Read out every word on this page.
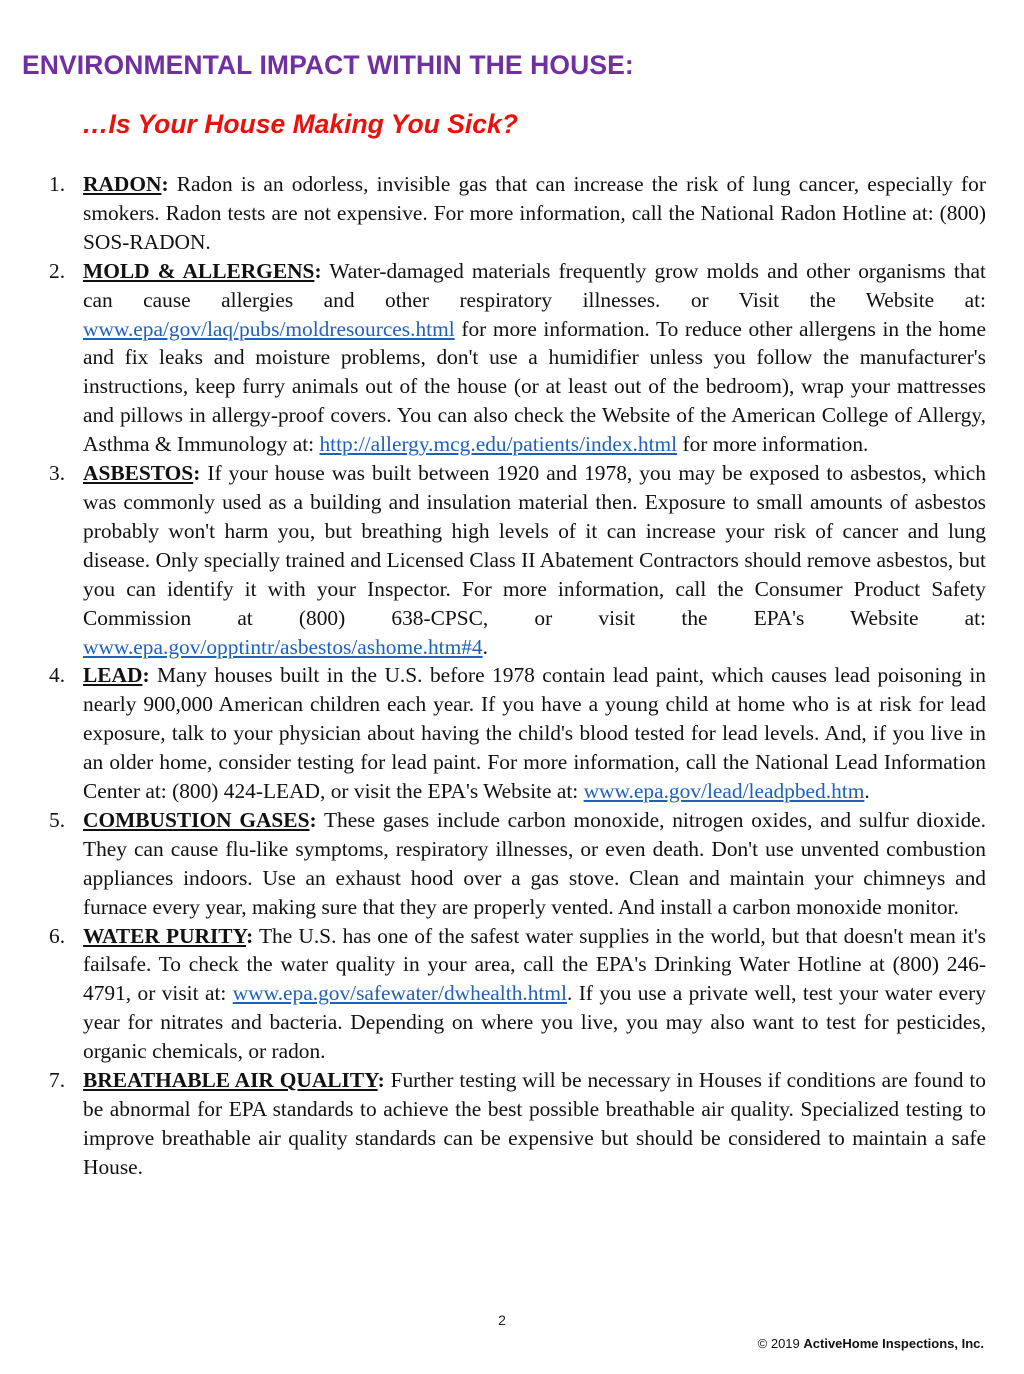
ENVIRONMENTAL IMPACT WITHIN THE HOUSE:
…Is Your House Making You Sick?
1. RADON: Radon is an odorless, invisible gas that can increase the risk of lung cancer, especially for smokers. Radon tests are not expensive. For more information, call the National Radon Hotline at: (800) SOS-RADON.
2. MOLD & ALLERGENS: Water-damaged materials frequently grow molds and other organisms that can cause allergies and other respiratory illnesses. or Visit the Website at: www.epa/gov/laq/pubs/moldresources.html for more information. To reduce other allergens in the home and fix leaks and moisture problems, don't use a humidifier unless you follow the manufacturer's instructions, keep furry animals out of the house (or at least out of the bedroom), wrap your mattresses and pillows in allergy-proof covers. You can also check the Website of the American College of Allergy, Asthma & Immunology at: http://allergy.mcg.edu/patients/index.html for more information.
3. ASBESTOS: If your house was built between 1920 and 1978, you may be exposed to asbestos, which was commonly used as a building and insulation material then. Exposure to small amounts of asbestos probably won't harm you, but breathing high levels of it can increase your risk of cancer and lung disease. Only specially trained and Licensed Class II Abatement Contractors should remove asbestos, but you can identify it with your Inspector. For more information, call the Consumer Product Safety Commission at (800) 638-CPSC, or visit the EPA's Website at: www.epa.gov/opptintr/asbestos/ashome.htm#4.
4. LEAD: Many houses built in the U.S. before 1978 contain lead paint, which causes lead poisoning in nearly 900,000 American children each year. If you have a young child at home who is at risk for lead exposure, talk to your physician about having the child's blood tested for lead levels. And, if you live in an older home, consider testing for lead paint. For more information, call the National Lead Information Center at: (800) 424-LEAD, or visit the EPA's Website at: www.epa.gov/lead/leadpbed.htm.
5. COMBUSTION GASES: These gases include carbon monoxide, nitrogen oxides, and sulfur dioxide. They can cause flu-like symptoms, respiratory illnesses, or even death. Don't use unvented combustion appliances indoors. Use an exhaust hood over a gas stove. Clean and maintain your chimneys and furnace every year, making sure that they are properly vented. And install a carbon monoxide monitor.
6. WATER PURITY: The U.S. has one of the safest water supplies in the world, but that doesn't mean it's failsafe. To check the water quality in your area, call the EPA's Drinking Water Hotline at (800) 246-4791, or visit at: www.epa.gov/safewater/dwhealth.html. If you use a private well, test your water every year for nitrates and bacteria. Depending on where you live, you may also want to test for pesticides, organic chemicals, or radon.
7. BREATHABLE AIR QUALITY: Further testing will be necessary in Houses if conditions are found to be abnormal for EPA standards to achieve the best possible breathable air quality. Specialized testing to improve breathable air quality standards can be expensive but should be considered to maintain a safe House.
2
© 2019 ActiveHome Inspections, Inc.
